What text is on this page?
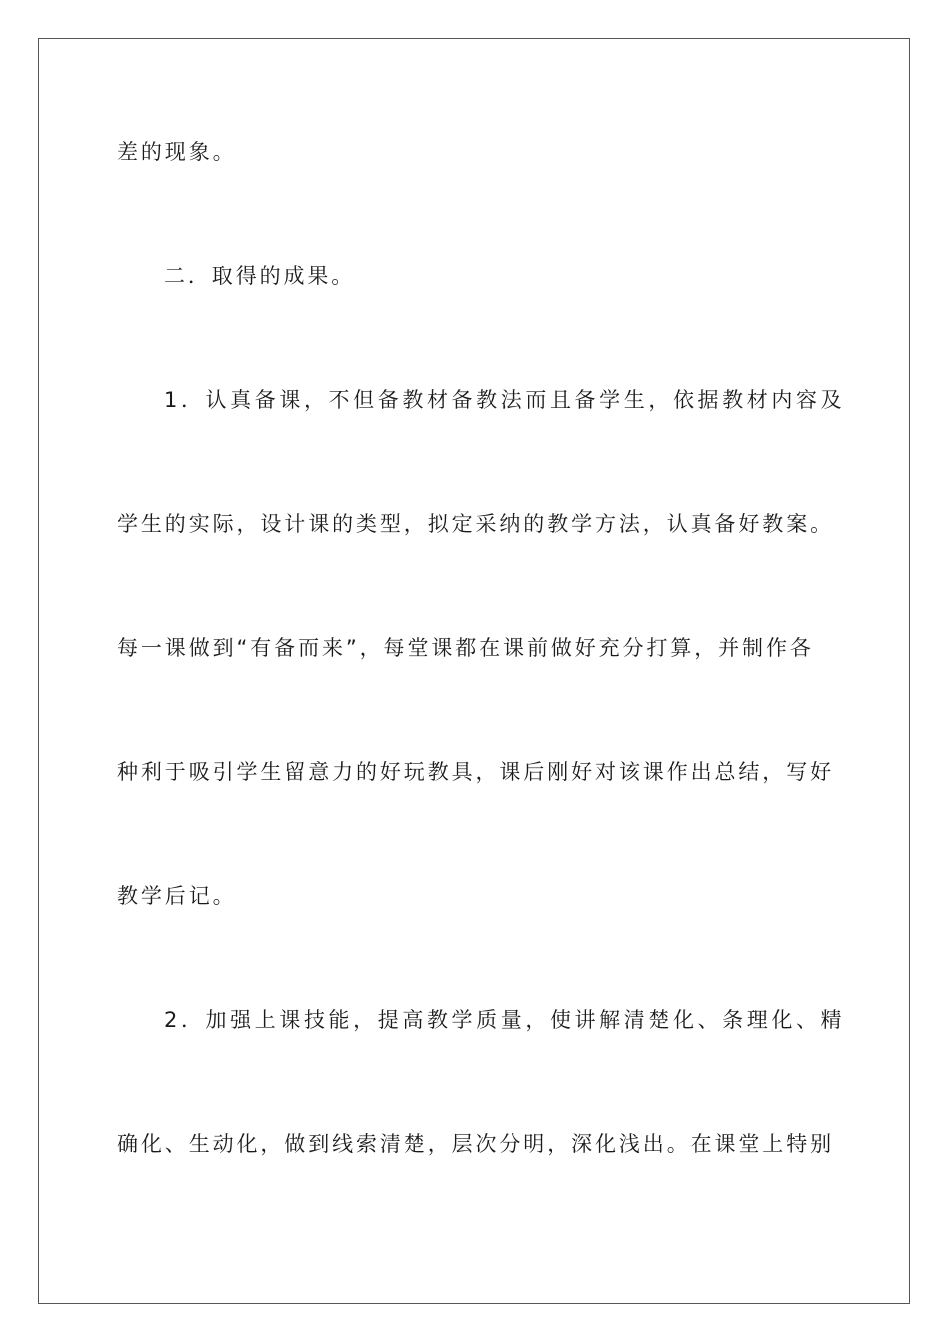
差的现象。
二．取得的成果。
1．认真备课，不但备教材备教法而且备学生，依据教材内容及
学生的实际，设计课的类型，拟定采纳的教学方法，认真备好教案。
每一课做到“有备而来”，每堂课都在课前做好充分打算，并制作各
种利于吸引学生留意力的好玩教具，课后刚好对该课作出总结，写好
教学后记。
2．加强上课技能，提高教学质量，使讲解清楚化、条理化、精
确化、生动化，做到线索清楚，层次分明，深化浅出。在课堂上特别
